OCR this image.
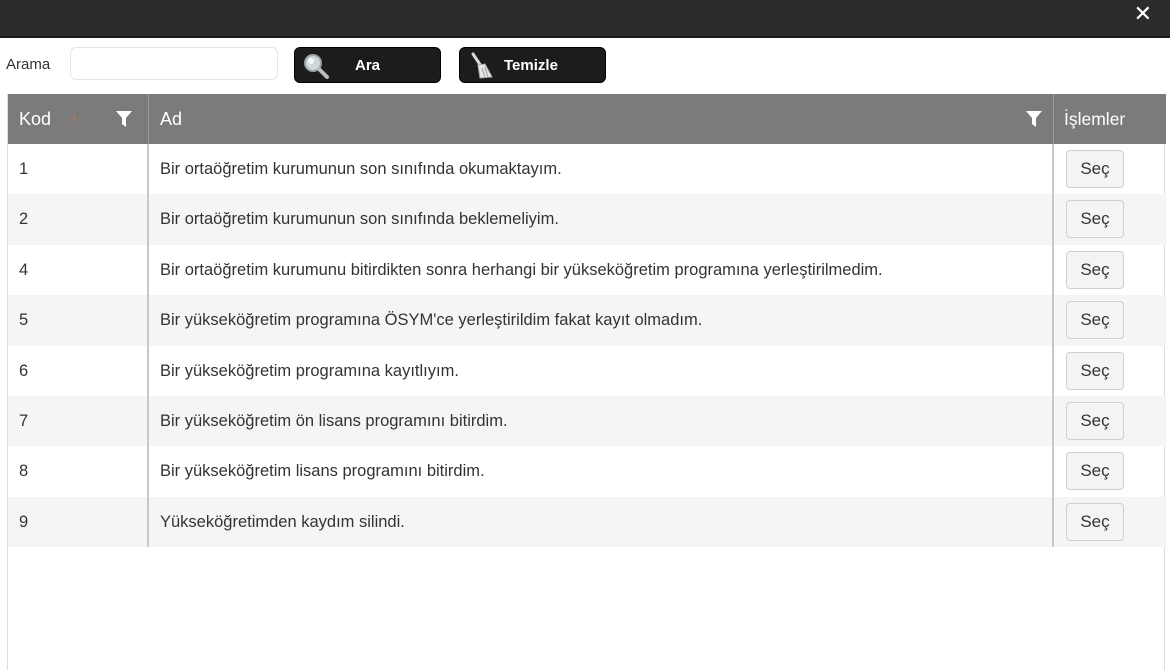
✕
Arama	Ara	Temizle
Kod ↑	Ad	İşlemler
1	Bir ortaöğretim kurumunun son sınıfında okumaktayım.	Seç
2	Bir ortaöğretim kurumunun son sınıfında beklemeliyim.	Seç
4	Bir ortaöğretim kurumunu bitirdikten sonra herhangi bir yükseköğretim programına yerleştirilmedim.	Seç
5	Bir yükseköğretim programına ÖSYM'ce yerleştirildim fakat kayıt olmadım.	Seç
6	Bir yükseköğretim programına kayıtlıyım.	Seç
7	Bir yükseköğretim ön lisans programını bitirdim.	Seç
8	Bir yükseköğretim lisans programını bitirdim.	Seç
9	Yükseköğretimden kaydım silindi.	Seç
